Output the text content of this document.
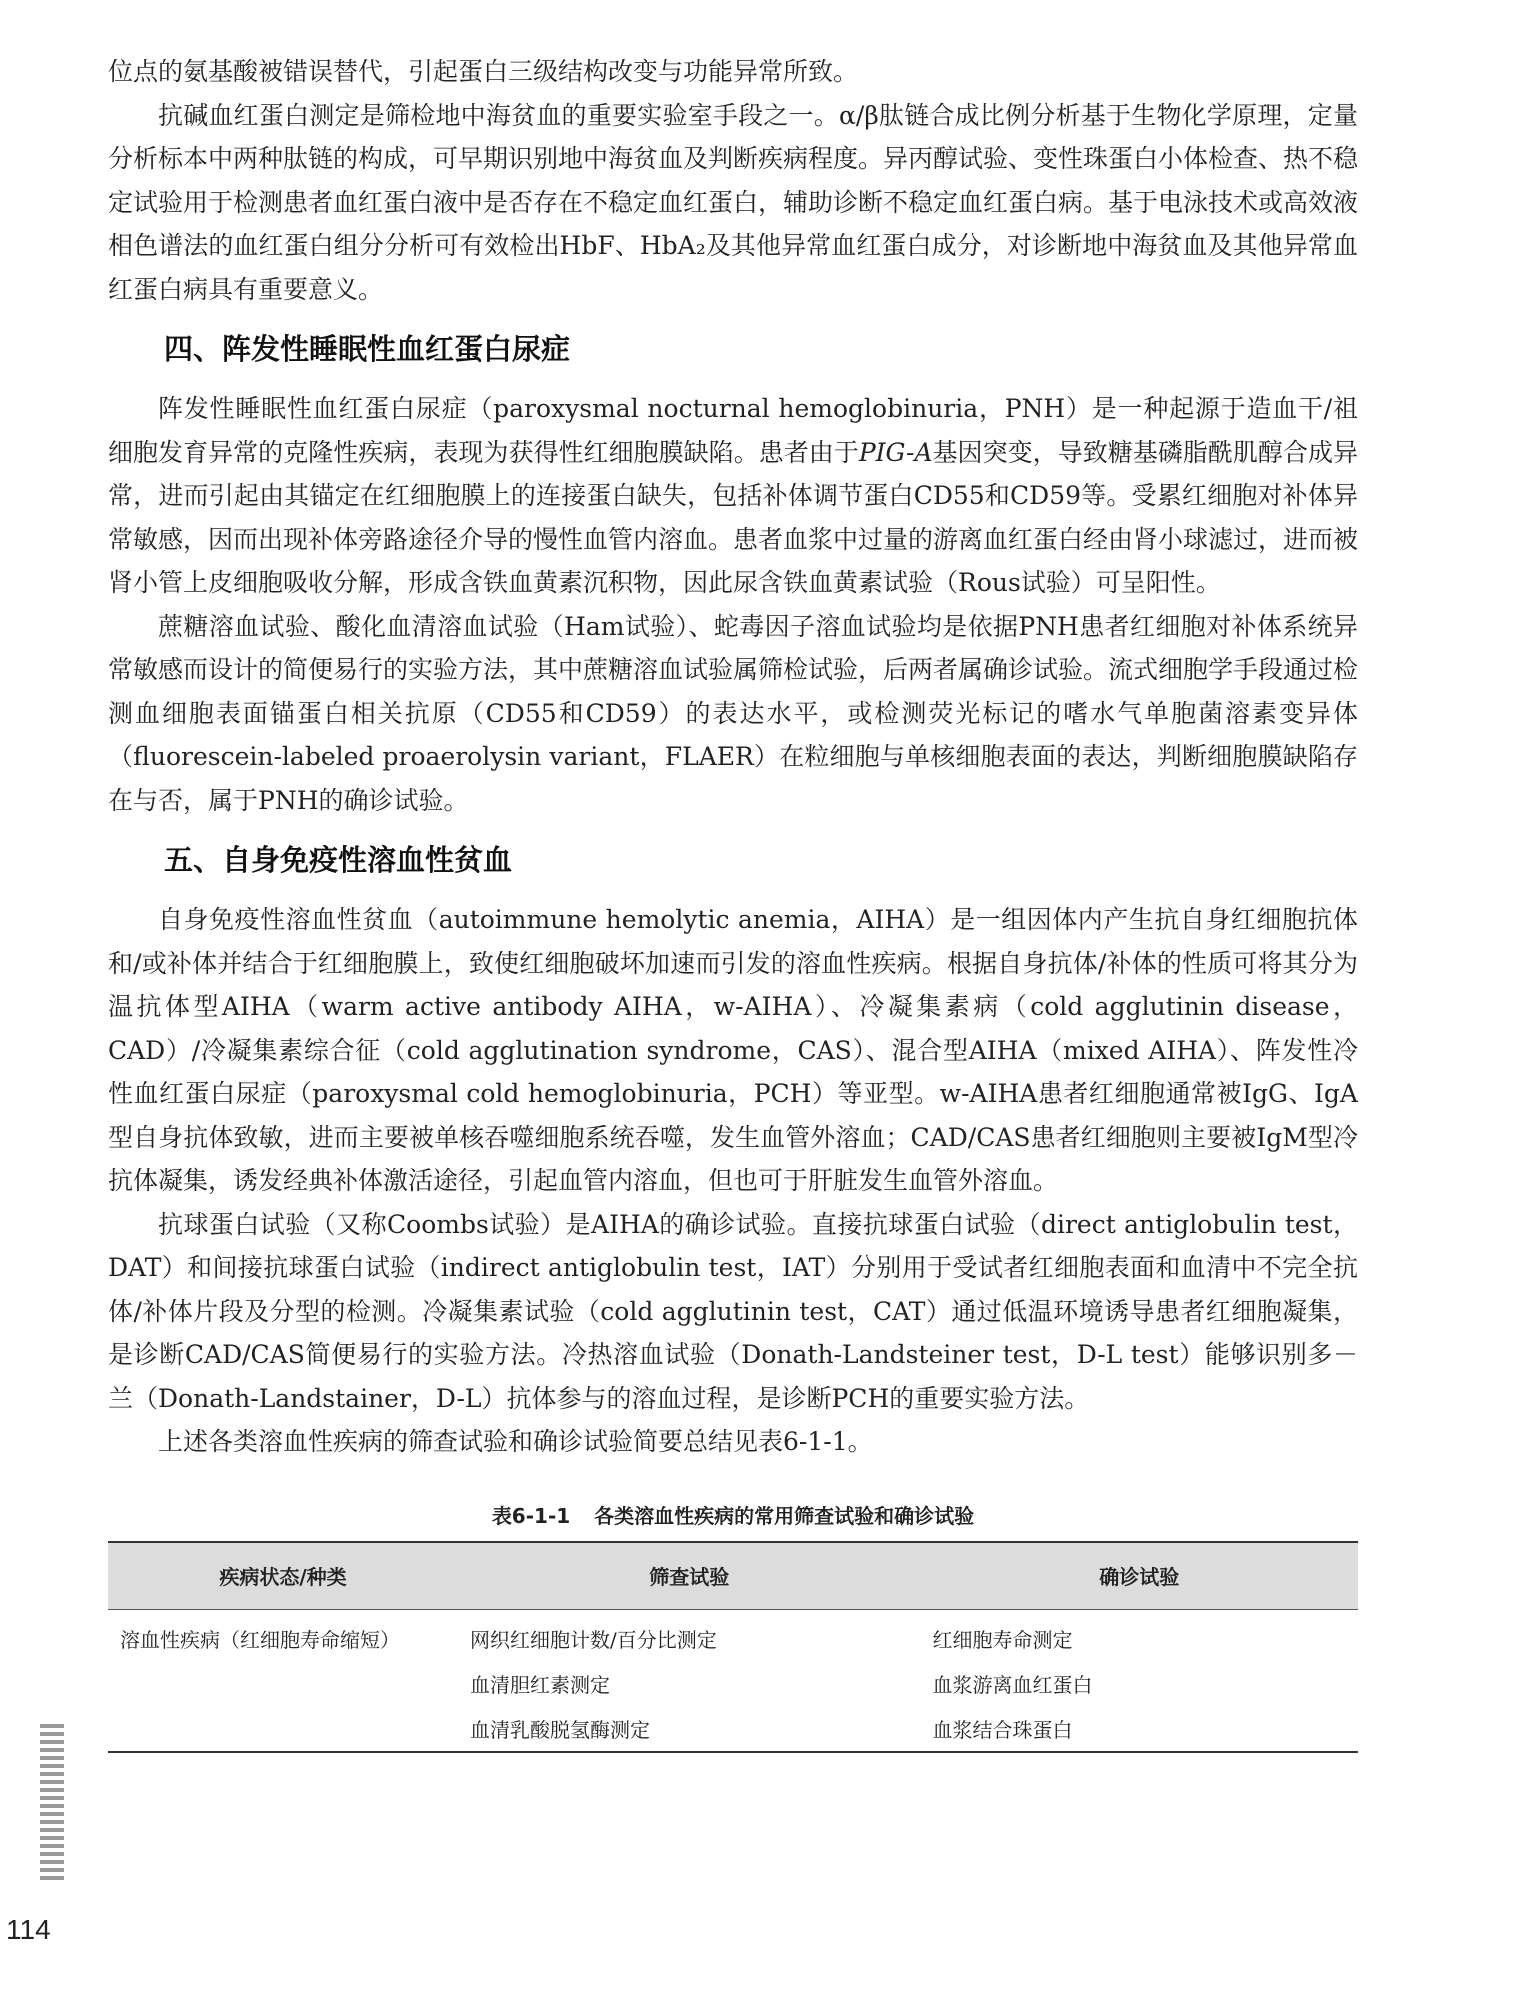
位点的氨基酸被错误替代，引起蛋白三级结构改变与功能异常所致。

抗碱血红蛋白测定是筛检地中海贫血的重要实验室手段之一。α/β肽链合成比例分析基于生物化学原理，定量分析标本中两种肽链的构成，可早期识别地中海贫血及判断疾病程度。异丙醇试验、变性珠蛋白小体检查、热不稳定试验用于检测患者血红蛋白液中是否存在不稳定血红蛋白，辅助诊断不稳定血红蛋白病。基于电泳技术或高效液相色谱法的血红蛋白组分分析可有效检出HbF、HbA₂及其他异常血红蛋白成分，对诊断地中海贫血及其他异常血红蛋白病具有重要意义。

四、阵发性睡眠性血红蛋白尿症

阵发性睡眠性血红蛋白尿症（paroxysmal nocturnal hemoglobinuria，PNH）是一种起源于造血干/祖细胞发育异常的克隆性疾病，表现为获得性红细胞膜缺陷。患者由于PIG-A基因突变，导致糖基磷脂酰肌醇合成异常，进而引起由其锚定在红细胞膜上的连接蛋白缺失，包括补体调节蛋白CD55和CD59等。受累红细胞对补体异常敏感，因而出现补体旁路途径介导的慢性血管内溶血。患者血浆中过量的游离血红蛋白经由肾小球滤过，进而被肾小管上皮细胞吸收分解，形成含铁血黄素沉积物，因此尿含铁血黄素试验（Rous试验）可呈阳性。

蔗糖溶血试验、酸化血清溶血试验（Ham试验）、蛇毒因子溶血试验均是依据PNH患者红细胞对补体系统异常敏感而设计的简便易行的实验方法，其中蔗糖溶血试验属筛检试验，后两者属确诊试验。流式细胞学手段通过检测血细胞表面锚蛋白相关抗原（CD55和CD59）的表达水平，或检测荧光标记的嗜水气单胞菌溶素变异体（fluorescein-labeled proaerolysin variant，FLAER）在粒细胞与单核细胞表面的表达，判断细胞膜缺陷存在与否，属于PNH的确诊试验。

五、自身免疫性溶血性贫血

自身免疫性溶血性贫血（autoimmune hemolytic anemia，AIHA）是一组因体内产生抗自身红细胞抗体和/或补体并结合于红细胞膜上，致使红细胞破坏加速而引发的溶血性疾病。根据自身抗体/补体的性质可将其分为温抗体型AIHA（warm active antibody AIHA，w-AIHA）、冷凝集素病（cold agglutinin disease，CAD）/冷凝集素综合征（cold agglutination syndrome，CAS）、混合型AIHA（mixed AIHA）、阵发性冷性血红蛋白尿症（paroxysmal cold hemoglobinuria，PCH）等亚型。w-AIHA患者红细胞通常被IgG、IgA型自身抗体致敏，进而主要被单核吞噬细胞系统吞噬，发生血管外溶血；CAD/CAS患者红细胞则主要被IgM型冷抗体凝集，诱发经典补体激活途径，引起血管内溶血，但也可于肝脏发生血管外溶血。

抗球蛋白试验（又称Coombs试验）是AIHA的确诊试验。直接抗球蛋白试验（direct antiglobulin test，DAT）和间接抗球蛋白试验（indirect antiglobulin test，IAT）分别用于受试者红细胞表面和血清中不完全抗体/补体片段及分型的检测。冷凝集素试验（cold agglutinin test，CAT）通过低温环境诱导患者红细胞凝集，是诊断CAD/CAS简便易行的实验方法。冷热溶血试验（Donath-Landsteiner test，D-L test）能够识别多－兰（Donath-Landstainer，D-L）抗体参与的溶血过程，是诊断PCH的重要实验方法。

上述各类溶血性疾病的筛查试验和确诊试验简要总结见表6-1-1。

表6-1-1 各类溶血性疾病的常用筛查试验和确诊试验
疾病状态/种类	筛查试验	确诊试验
溶血性疾病（红细胞寿命缩短）	网织红细胞计数/百分比测定	红细胞寿命测定
	血清胆红素测定	血浆游离血红蛋白
	血清乳酸脱氢酶测定	血浆结合珠蛋白
114
